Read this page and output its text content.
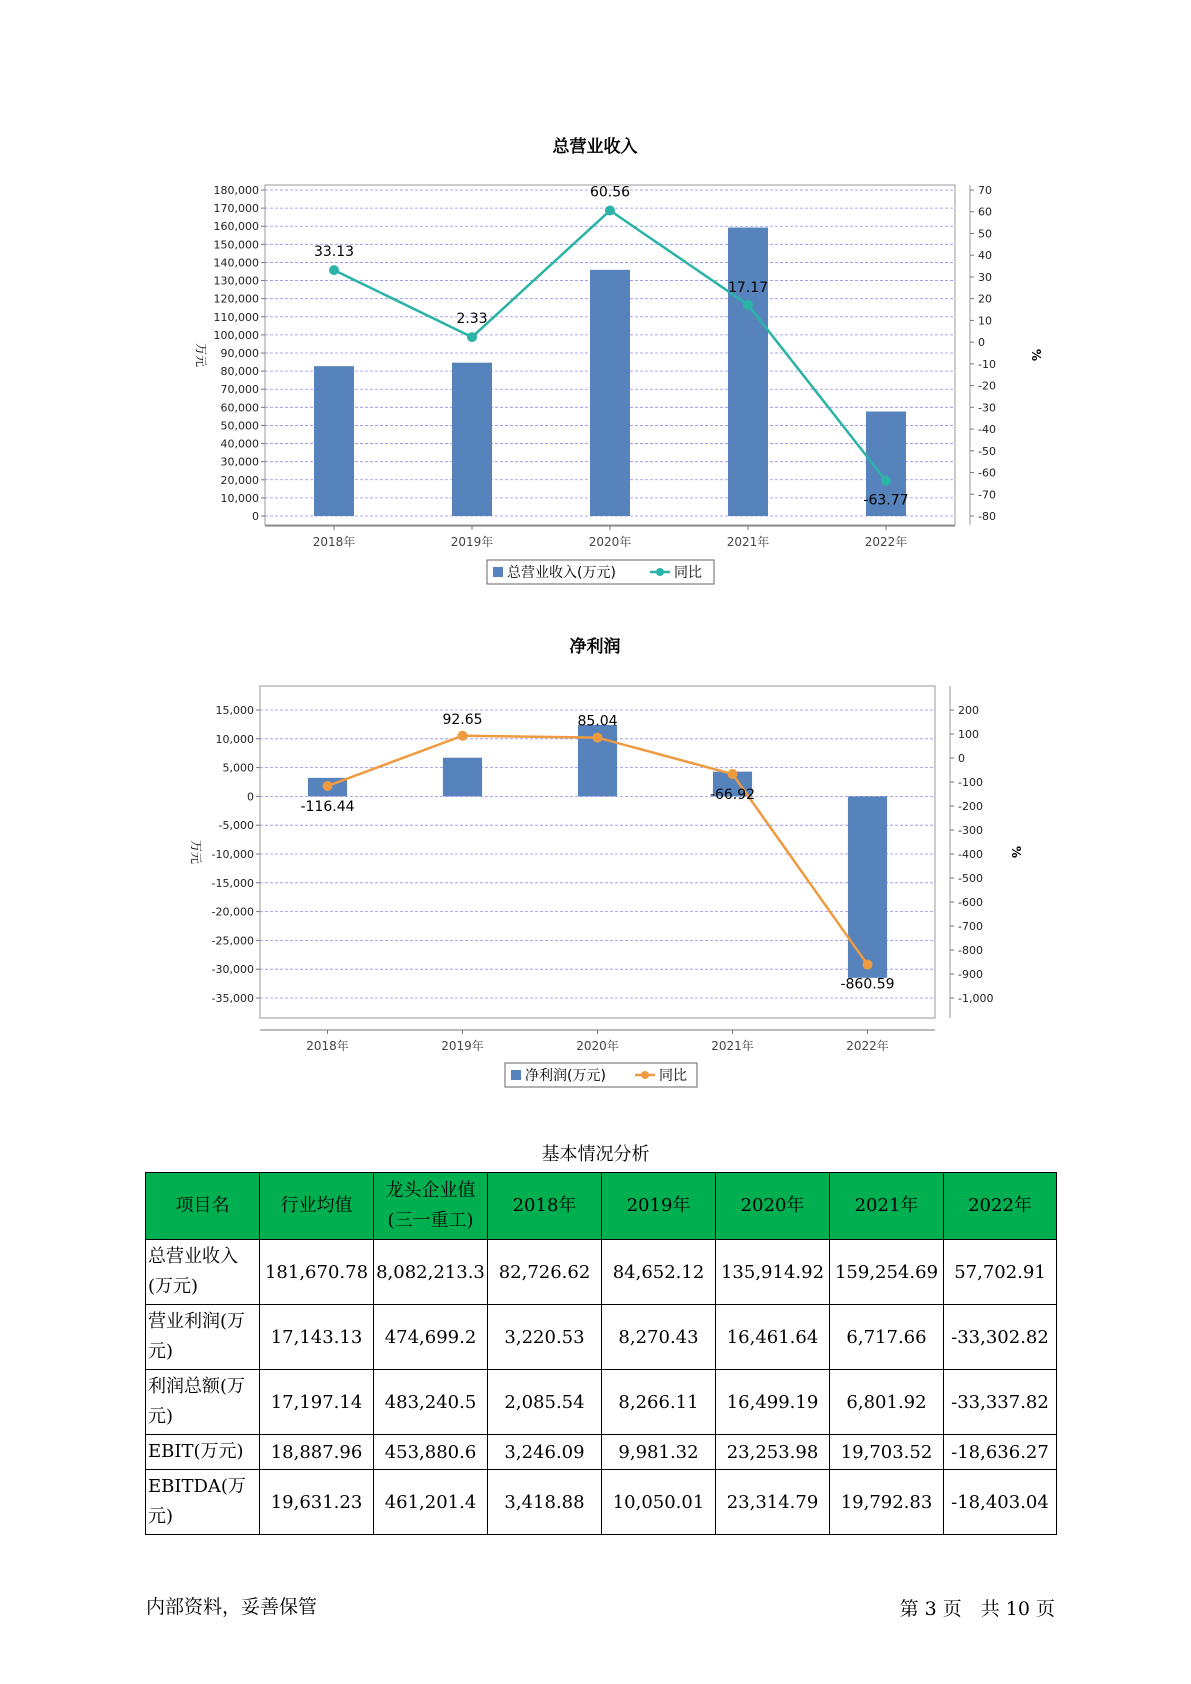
总营业收入
0
10,000
20,000
30,000
40,000
50,000
60,000
70,000
80,000
90,000
100,000
110,000
120,000
130,000
140,000
150,000
160,000
170,000
180,000
-80
-70
-60
-50
-40
-30
-20
-10
0
10
20
30
40
50
60
70
万元	%
2018年	2019年	2020年	2021年	2022年
33.13
2.33
60.56
17.17
-63.77
总营业收入(万元)	同比
净利润
-35,000
-30,000
-25,000
-20,000
-15,000
-10,000
-5,000
0
5,000
10,000
15,000
-1,000
-900
-800
-700
-600
-500
-400
-300
-200
-100
0
100
200
万元	%
2018年	2019年	2020年	2021年	2022年
-116.44
92.65	85.04
-66.92
-860.59
净利润(万元)	同比
基本情况分析
项目名	行业均值	龙头企业值(三一重工)	2018年	2019年	2020年	2021年	2022年
总营业收入(万元)	181,670.78	8,082,213.3	82,726.62	84,652.12	135,914.92	159,254.69	57,702.91
营业利润(万元)	17,143.13	474,699.2	3,220.53	8,270.43	16,461.64	6,717.66	-33,302.82
利润总额(万元)	17,197.14	483,240.5	2,085.54	8,266.11	16,499.19	6,801.92	-33,337.82
EBIT(万元)	18,887.96	453,880.6	3,246.09	9,981.32	23,253.98	19,703.52	-18,636.27
EBITDA(万元)	19,631.23	461,201.4	3,418.88	10,050.01	23,314.79	19,792.83	-18,403.04
内部资料，妥善保管	第 3 页　共 10 页
